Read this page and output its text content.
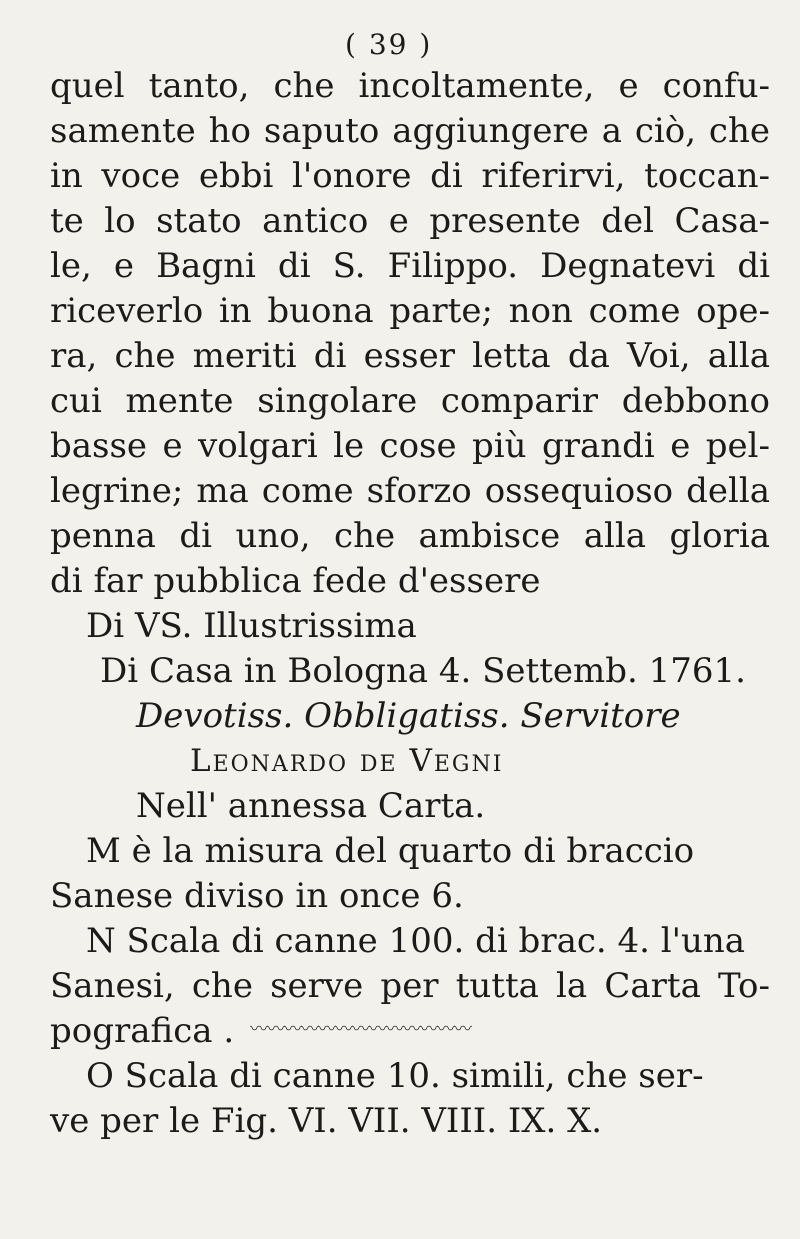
( 39 )
quel tanto, che incoltamente, e confu-
samente ho saputo aggiungere a ciò, che
in voce ebbi l'onore di riferirvi, toccan-
te lo stato antico e presente del Casa-
le, e Bagni di S. Filippo. Degnatevi di
riceverlo in buona parte; non come ope-
ra, che meriti di esser letta da Voi, alla
cui mente singolare comparir debbono
basse e volgari le cose più grandi e pel-
legrine; ma come sforzo ossequioso della
penna di uno, che ambisce alla gloria
di far pubblica fede d'essere
Di VS. Illustrissima
Di Casa in Bologna 4. Settemb. 1761.
Devotiss. Obbligatiss. Servitore
Leonardo de Vegni
Nell' annessa Carta.
M è la misura del quarto di braccio
Sanese diviso in once 6.
N Scala di canne 100. di brac. 4. l'una
Sanesi, che serve per tutta la Carta To-
pografica .
O Scala di canne 10. simili, che ser-
ve per le Fig. VI. VII. VIII. IX. X.
〰〰〰〰〰〰〰〰〰〰〰〰〰
